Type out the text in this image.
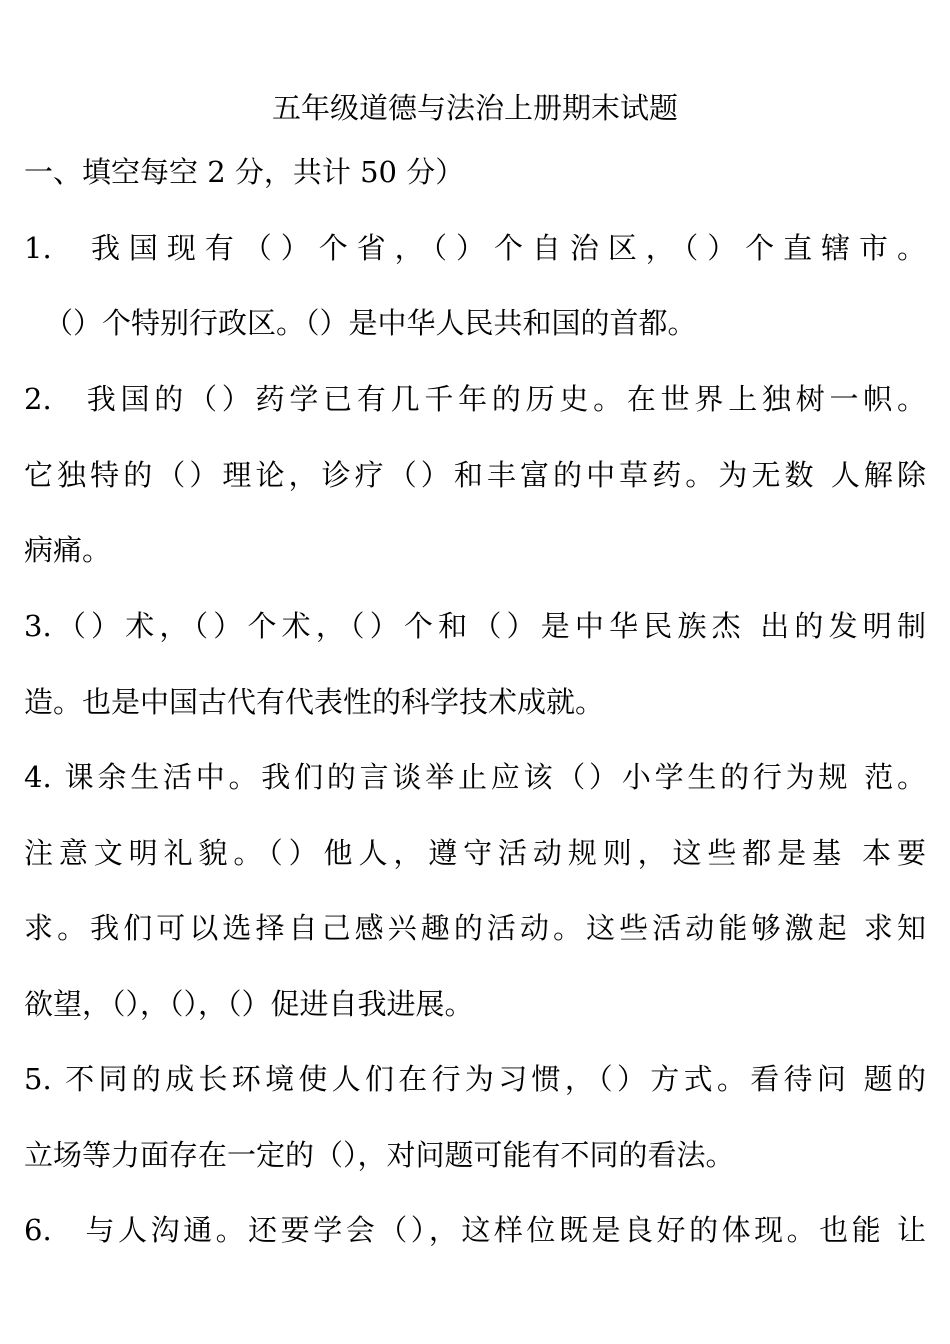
五年级道德与法治上册期末试题
一、填空每空 2 分，共计 50 分）
1. 我国现有（）个省，（）个自治区，（）个直辖市。
（）个特别行政区。（）是中华人民共和国的首都。
2. 我国的（）药学已有几千年的历史。在世界上独树一帜。
它独特的（）理论，诊疗（）和丰富的中草药。为无数 人解除
病痛。
3.（）术，（）个术，（）个和（）是中华民族杰 出的发明制
造。也是中国古代有代表性的科学技术成就。
4. 课余生活中。我们的言谈举止应该（）小学生的行为规 范。
注意文明礼貌。（）他人，遵守活动规则，这些都是基 本要
求。我们可以选择自己感兴趣的活动。这些活动能够激起 求知
欲望，（），（），（）促进自我进展。
5. 不同的成长环境使人们在行为习惯，（）方式。看待问 题的
立场等力面存在一定的（），对问题可能有不同的看法。
6. 与人沟通。还要学会（），这样位既是良好的体现。也能 让
